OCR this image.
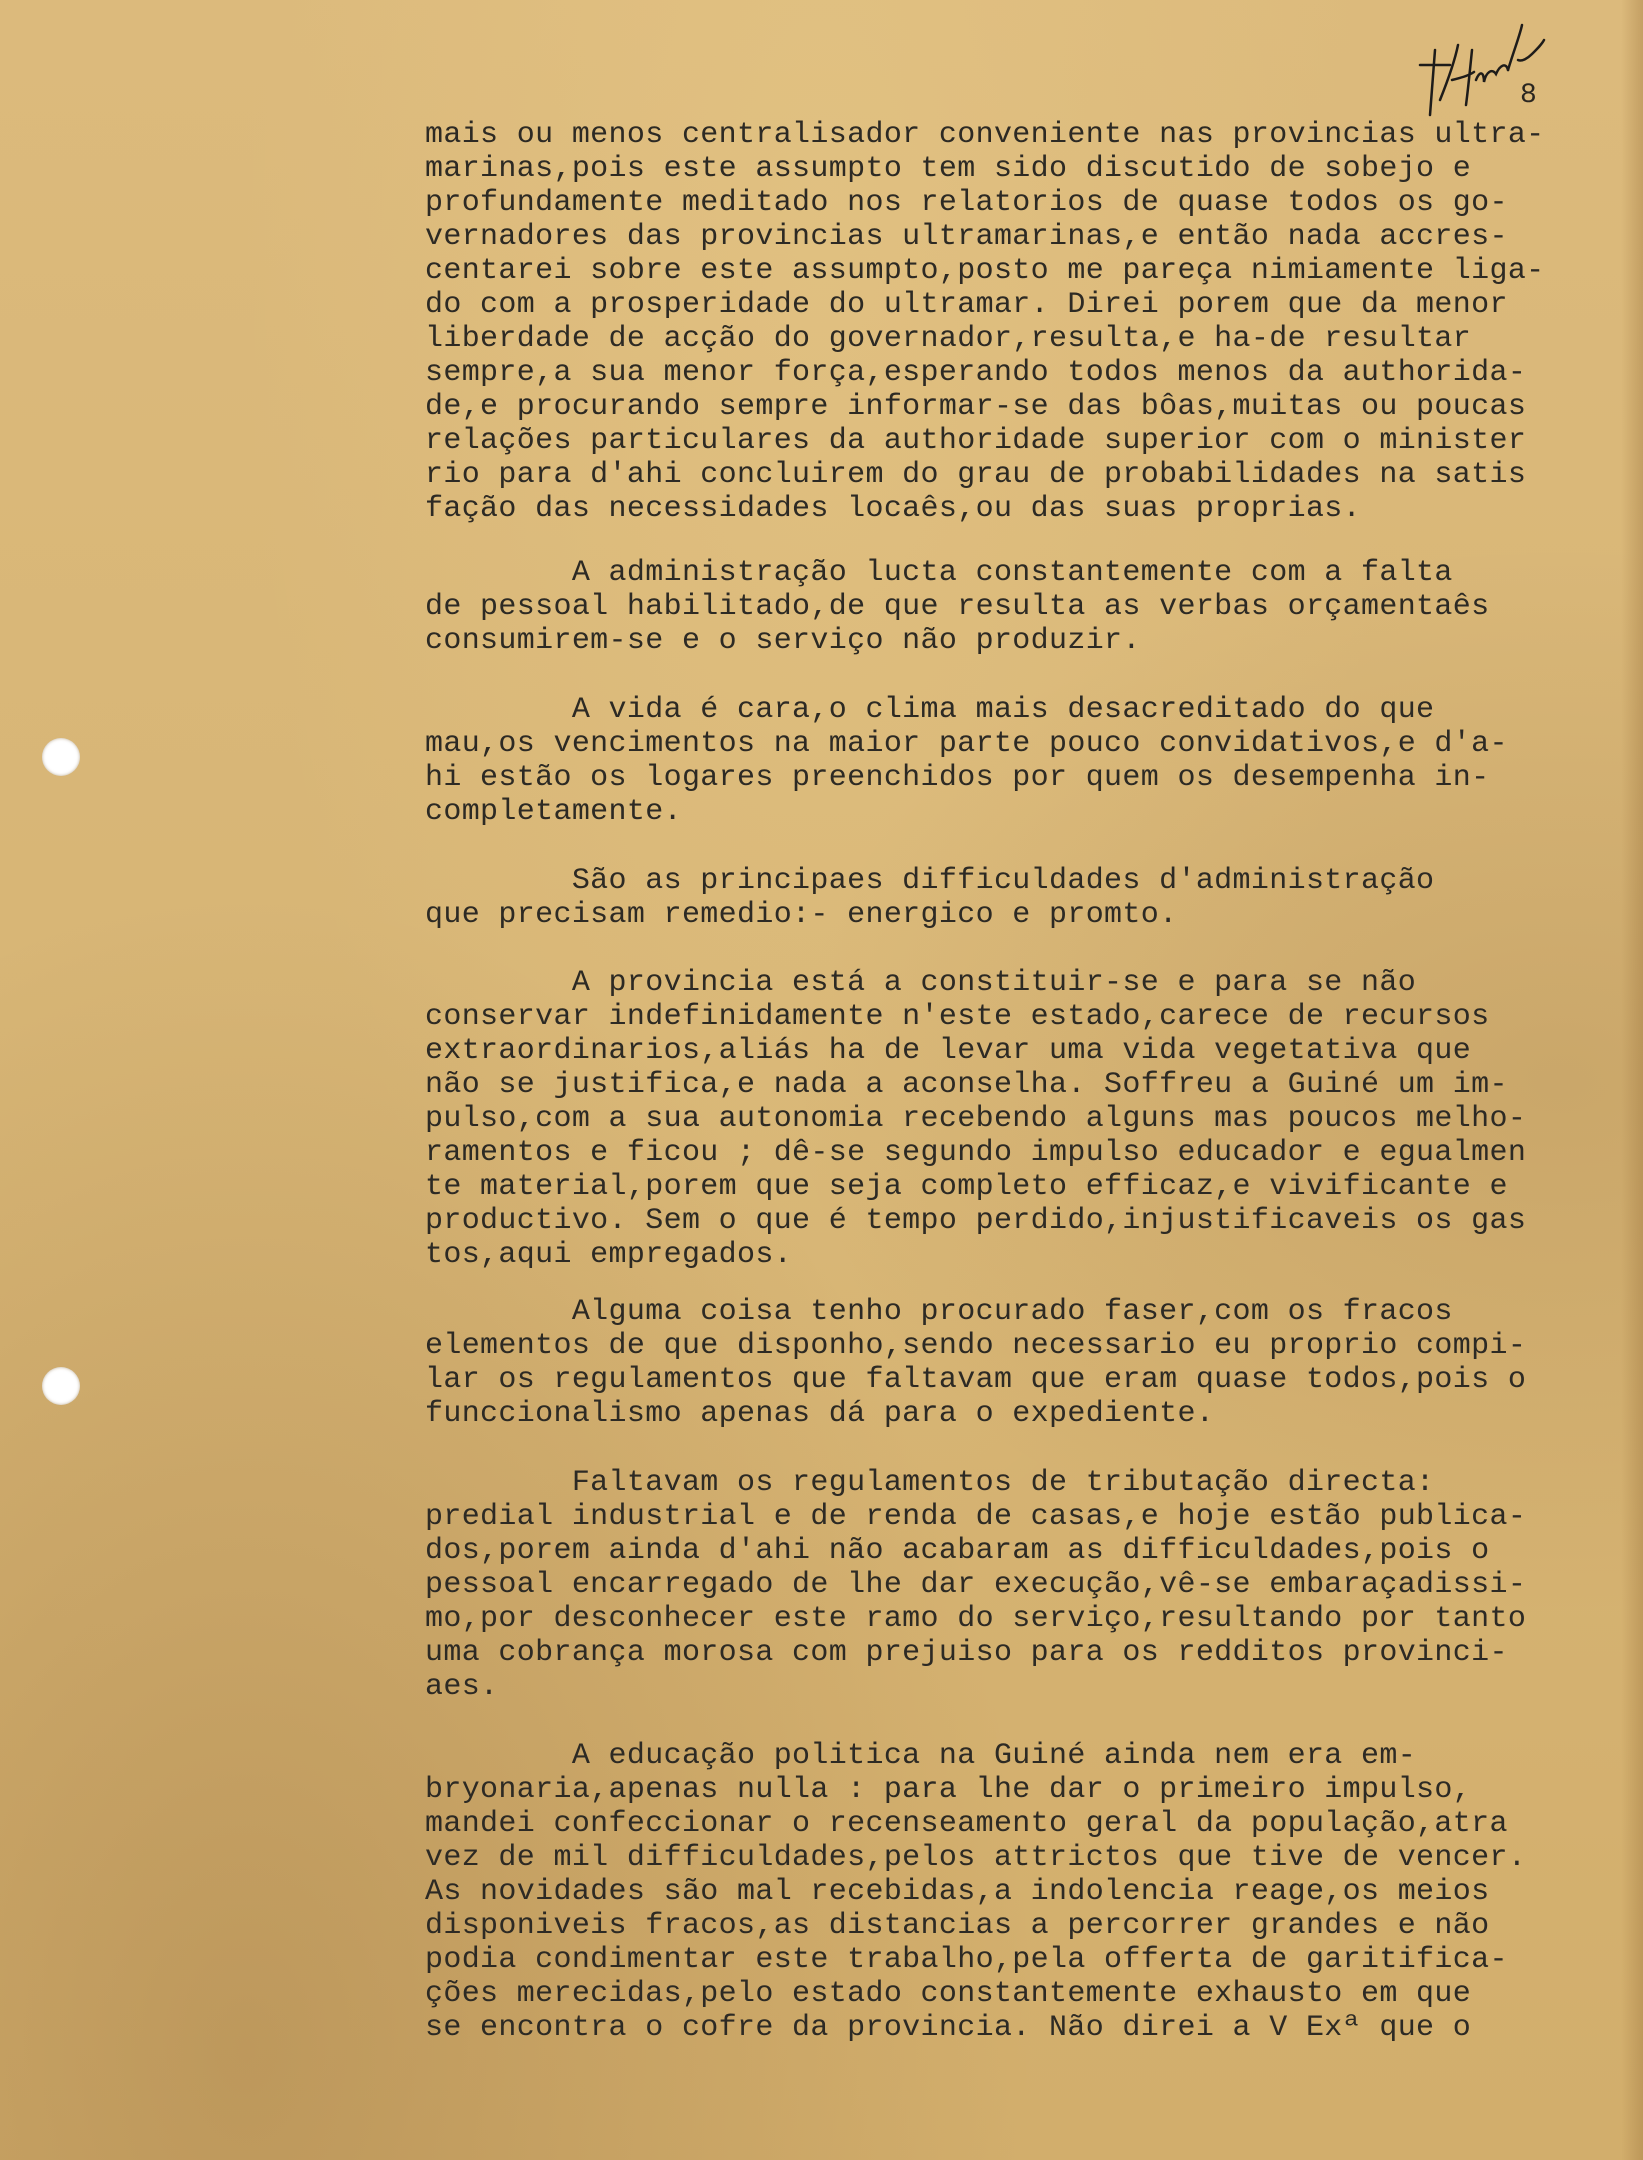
8
mais ou menos centralisador conveniente nas provincias ultra-
marinas,pois este assumpto tem sido discutido de sobejo e
profundamente meditado nos relatorios de quase todos os go-
vernadores das provincias ultramarinas,e então nada accres-
centarei sobre este assumpto,posto me pareça nimiamente liga-
do com a prosperidade do ultramar. Direi porem que da menor
liberdade de acção do governador,resulta,e ha-de resultar
sempre,a sua menor força,esperando todos menos da authorida-
de,e procurando sempre informar-se das bôas,muitas ou poucas
relações particulares da authoridade superior com o minister
rio para d'ahi concluirem do grau de probabilidades na satis
fação das necessidades locaês,ou das suas proprias.
A administração lucta constantemente com a falta
de pessoal habilitado,de que resulta as verbas orçamentaês
consumirem-se e o serviço não produzir.
A vida é cara,o clima mais desacreditado do que
mau,os vencimentos na maior parte pouco convidativos,e d'a-
hi estão os logares preenchidos por quem os desempenha in-
completamente.
São as principaes difficuldades d'administração
que precisam remedio:- energico e promto.
A provincia está a constituir-se e para se não
conservar indefinidamente n'este estado,carece de recursos
extraordinarios,aliás ha de levar uma vida vegetativa que
não se justifica,e nada a aconselha. Soffreu a Guiné um im-
pulso,com a sua autonomia recebendo alguns mas poucos melho-
ramentos e ficou ; dê-se segundo impulso educador e egualmen
te material,porem que seja completo efficaz,e vivificante e
productivo. Sem o que é tempo perdido,injustificaveis os gas
tos,aqui empregados.
Alguma coisa tenho procurado faser,com os fracos
elementos de que disponho,sendo necessario eu proprio compi-
lar os regulamentos que faltavam que eram quase todos,pois o
funccionalismo apenas dá para o expediente.
Faltavam os regulamentos de tributação directa:
predial industrial e de renda de casas,e hoje estão publica-
dos,porem ainda d'ahi não acabaram as difficuldades,pois o
pessoal encarregado de lhe dar execução,vê-se embaraçadissi-
mo,por desconhecer este ramo do serviço,resultando por tanto
uma cobrança morosa com prejuiso para os redditos provinci-
aes.
A educação politica na Guiné ainda nem era em-
bryonaria,apenas nulla : para lhe dar o primeiro impulso,
mandei confeccionar o recenseamento geral da população,atra
vez de mil difficuldades,pelos attrictos que tive de vencer.
As novidades são mal recebidas,a indolencia reage,os meios
disponiveis fracos,as distancias a percorrer grandes e não
podia condimentar este trabalho,pela offerta de garitifica-
ções merecidas,pelo estado constantemente exhausto em que
se encontra o cofre da provincia. Não direi a V Exª que o
